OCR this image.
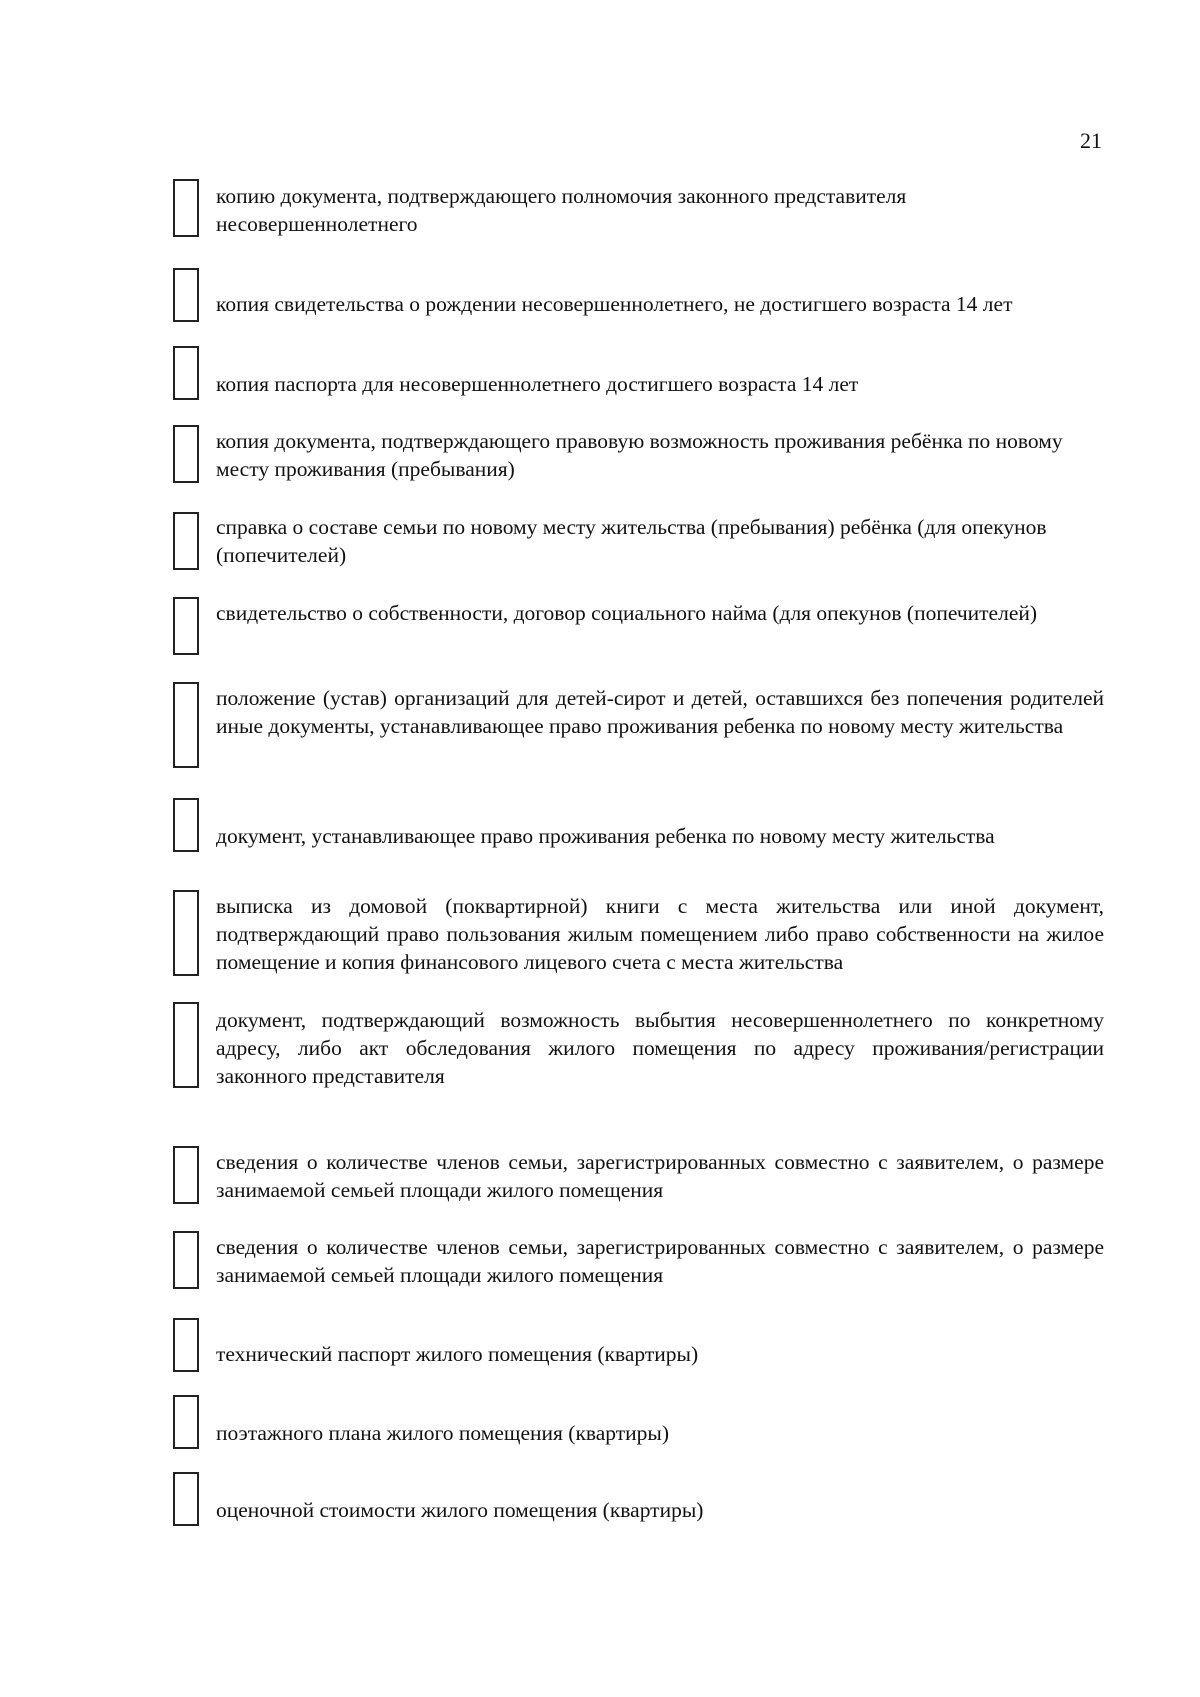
21
копию документа, подтверждающего полномочия законного представителя несовершеннолетнего
копия свидетельства о рождении несовершеннолетнего, не достигшего возраста 14 лет
копия паспорта для несовершеннолетнего достигшего возраста 14 лет
копия документа, подтверждающего правовую возможность проживания ребёнка по новому месту проживания (пребывания)
справка о составе семьи по новому месту жительства (пребывания) ребёнка (для опекунов (попечителей)
свидетельство о собственности, договор социального найма (для опекунов (попечителей)
положение (устав) организаций для детей-сирот и детей, оставшихся без попечения родителей иные документы, устанавливающее право проживания ребенка по новому месту жительства
документ, устанавливающее право проживания ребенка по новому месту жительства
выписка из домовой (поквартирной) книги с места жительства или иной документ, подтверждающий право пользования жилым помещением либо право собственности на жилое помещение и копия финансового лицевого счета с места жительства
документ, подтверждающий возможность выбытия несовершеннолетнего по конкретному адресу, либо акт обследования жилого помещения по адресу проживания/регистрации законного представителя
сведения о количестве членов семьи, зарегистрированных совместно с заявителем, о размере занимаемой семьей площади жилого помещения
сведения о количестве членов семьи, зарегистрированных совместно с заявителем, о размере занимаемой семьей площади жилого помещения
технический паспорт жилого помещения (квартиры)
поэтажного плана жилого помещения (квартиры)
оценочной стоимости жилого помещения (квартиры)
